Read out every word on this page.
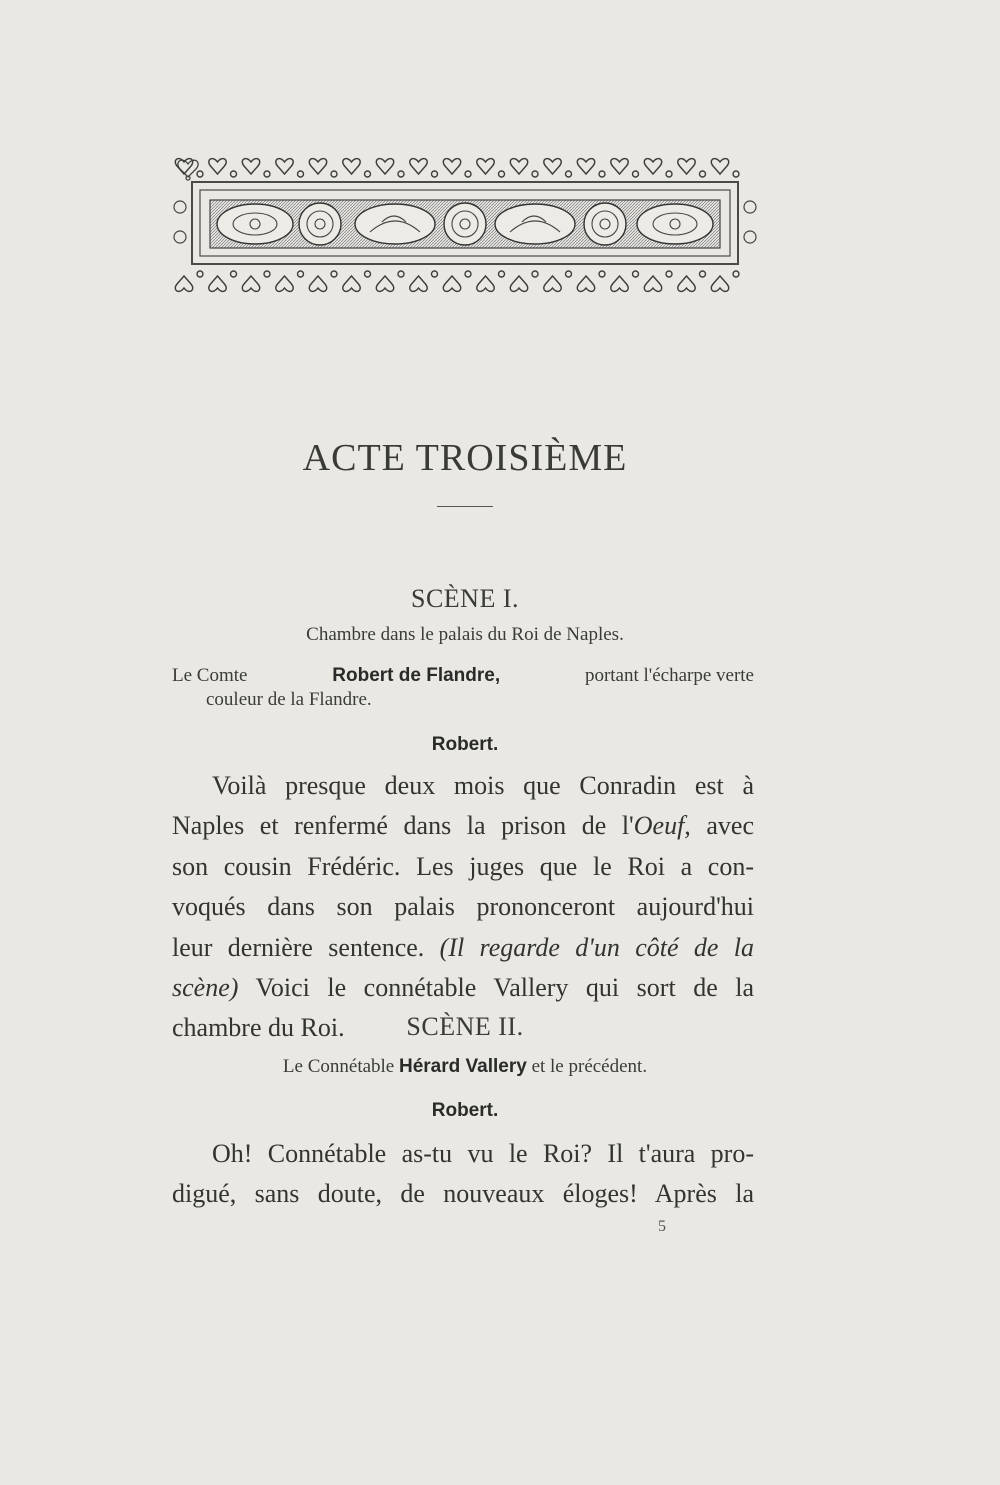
ACTE TROISIÈME
SCÈNE I.
Chambre dans le palais du Roi de Naples.
Le Comte	Robert de Flandre,	portant l'écharpe verte
couleur de la Flandre.
Robert.
Voilà presque deux mois que Conradin est à
Naples et renfermé dans la prison de l'Oeuf, avec
son cousin Frédéric. Les juges que le Roi a con-
voqués dans son palais prononceront aujourd'hui
leur dernière sentence. (Il regarde d'un côté de la
scène) Voici le connétable Vallery qui sort de la
chambre du Roi.	SCÈNE II.
Le Connétable Hérard Vallery et le précédent.
Robert.
Oh! Connétable as-tu vu le Roi? Il t'aura pro-
digué, sans doute, de nouveaux éloges! Après la
5
